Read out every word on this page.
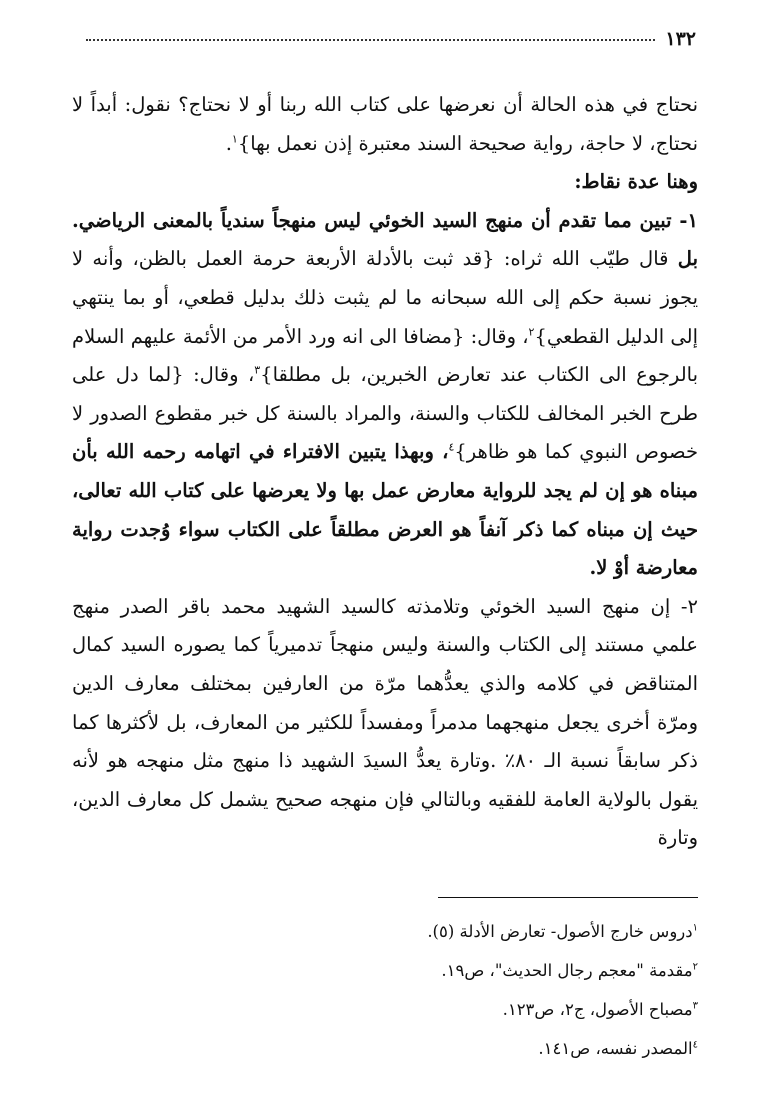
١٣٢

نحتاج في هذه الحالة أن نعرضها على كتاب الله ربنا أو لا نحتاج؟ نقول: أبداً لا نحتاج، لا حاجة، رواية صحيحة السند معتبرة إذن نعمل بها}$^١$.

وهنا عدة نقاط:

١- تبين مما تقدم أن منهج السيد الخوئي ليس منهجاً سندياً بالمعنى الرياضي. بل قال طيّب الله ثراه: {قد ثبت بالأدلة الأربعة حرمة العمل بالظن، وأنه لا يجوز نسبة حكم إلى الله سبحانه ما لم يثبت ذلك بدليل قطعي، أو بما ينتهي إلى الدليل القطعي}$^٢$، وقال: {مضافا الى انه ورد الأمر من الأئمة عليهم السلام بالرجوع الى الكتاب عند تعارض الخبرين، بل مطلقا}$^٣$، وقال: {لما دل على طرح الخبر المخالف للكتاب والسنة، والمراد بالسنة كل خبر مقطوع الصدور لا خصوص النبوي كما هو ظاهر}$^٤$، وبهذا يتبين الافتراء في اتهامه رحمه الله بأن مبناه هو إن لم يجد للرواية معارض عمل بها ولا يعرضها على كتاب الله تعالى، حيث إن مبناه كما ذكر آنفاً هو العرض مطلقاً على الكتاب سواء وُجدت رواية معارضة أوْ لا.

٢- إن منهج السيد الخوئي وتلامذته كالسيد الشهيد محمد باقر الصدر منهج علمي مستند إلى الكتاب والسنة وليس منهجاً تدميرياً كما يصوره السيد كمال المتناقض في كلامه والذي يعدُّهما مرّة من العارفين بمختلف معارف الدين ومرّة أخرى يجعل منهجهما مدمراً ومفسداً للكثير من المعارف، بل لأكثرها كما ذكر سابقاً نسبة الـ ٨٠٪ .وتارة يعدُّ السيدَ الشهيد ذا منهج مثل منهجه هو لأنه يقول بالولاية العامة للفقيه وبالتالي فإن منهجه صحيح يشمل كل معارف الدين، وتارة

$^١$دروس خارج الأصول- تعارض الأدلة (٥).

$^٢$مقدمة "معجم رجال الحديث"، ص١٩.

$^٣$مصباح الأصول، ج٢، ص١٢٣.

$^٤$المصدر نفسه، ص١٤١.
